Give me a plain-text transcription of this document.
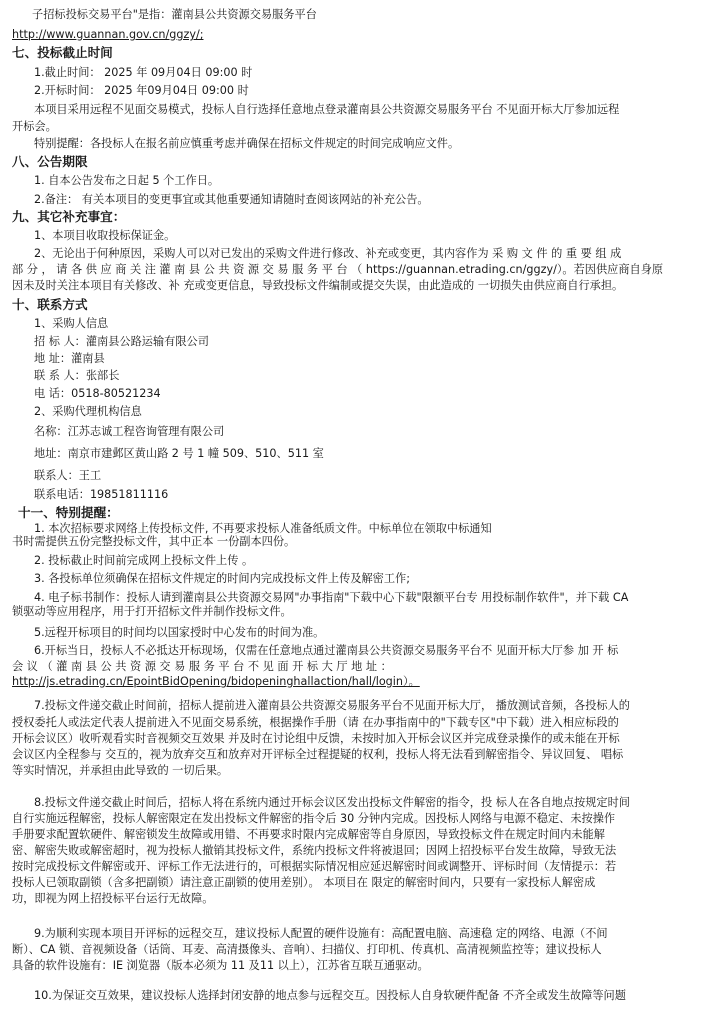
子招标投标交易平台"是指：灌南县公共资源交易服务平台
http://www.guannan.gov.cn/ggzy/;
七、投标截止时间
1.截止时间： 2025 年 09月04日 09:00 时
2.开标时间： 2025 年09月04日 09:00 时
本项目采用远程不见面交易模式，投标人自行选择任意地点登录灌南县公共资源交易服务平台 不见面开标大厅参加远程
开标会。
特别提醒：各投标人在报名前应慎重考虑并确保在招标文件规定的时间完成响应文件。
八、公告期限
1. 自本公告发布之日起 5 个工作日。
2.备注： 有关本项目的变更事宜或其他重要通知请随时查阅该网站的补充公告。
九、其它补充事宜：
1、本项目收取投标保证金。
2、无论出于何种原因，采购人可以对已发出的采购文件进行修改、补充或变更，其内容作为 采 购 文 件 的 重 要 组 成
部 分 ， 请 各 供 应 商 关 注 灌 南 县 公 共 资 源 交 易 服 务 平 台 （ https://guannan.etrading.cn/ggzy/）。若因供应商自身原
因未及时关注本项目有关修改、补 充或变更信息，导致投标文件编制或提交失误，由此造成的 一切损失由供应商自行承担。
十、联系方式
1、采购人信息
招 标 人：灌南县公路运输有限公司
地 址：灌南县
联 系 人：张部长
电 话：0518-80521234
2、采购代理机构信息
名称：江苏志诚工程咨询管理有限公司
地址：南京市建邺区黄山路 2 号 1 幢 509、510、511 室
联系人：王工
联系电话：19851811116
十一、特别提醒：
1. 本次招标要求网络上传投标文件, 不再要求投标人准备纸质文件。中标单位在领取中标通知
书时需提供五份完整投标文件，其中正本 一份副本四份。
2. 投标截止时间前完成网上投标文件上传 。
3. 各投标单位须确保在招标文件规定的时间内完成投标文件上传及解密工作;
4. 电子标书制作：投标人请到灌南县公共资源交易网"办事指南"下载中心下载"限额平台专 用投标制作软件"，并下载 CA
锁驱动等应用程序，用于打开招标文件并制作投标文件。
5.远程开标项目的时间均以国家授时中心发布的时间为准。
6.开标当日，投标人不必抵达开标现场，仅需在任意地点通过灌南县公共资源交易服务平台不 见面开标大厅参 加 开 标
会 议 （ 灌 南 县 公 共 资 源 交 易 服 务 平 台 不 见 面 开 标 大 厅 地 址 ：
http://js.etrading.cn/EpointBidOpening/bidopeninghallaction/hall/login）。
7.投标文件递交截止时间前，招标人提前进入灌南县公共资源交易服务平台不见面开标大厅， 播放测试音频，各投标人的
授权委托人或法定代表人提前进入不见面交易系统，根据操作手册（请 在办事指南中的"下载专区"中下载）进入相应标段的
开标会议区）收听观看实时音视频交互效果 并及时在讨论组中反馈，未按时加入开标会议区并完成登录操作的或未能在开标
会议区内全程参与 交互的，视为放弃交互和放弃对开评标全过程提疑的权利，投标人将无法看到解密指令、异议回复、 唱标
等实时情况，并承担由此导致的 一切后果。
8.投标文件递交截止时间后，招标人将在系统内通过开标会议区发出投标文件解密的指令，投 标人在各自地点按规定时间
自行实施远程解密，投标人解密限定在发出投标文件解密的指令后 30 分钟内完成。因投标人网络与电源不稳定、未按操作
手册要求配置软硬件、解密锁发生故障或用错、不再要求时限内完成解密等自身原因，导致投标文件在规定时间内未能解
密、解密失败或解密超时，视为投标人撤销其投标文件，系统内投标文件将被退回；因网上招投标平台发生故障，导致无法
按时完成投标文件解密或开、评标工作无法进行的，可根据实际情况相应延迟解密时间或调整开、评标时间（友情提示：若
投标人已领取副锁（含多把副锁）请注意正副锁的使用差别）。 本项目在 限定的解密时间内，只要有一家投标人解密成
功，即视为网上招投标平台运行无故障。
9.为顺利实现本项目开评标的远程交互，建议投标人配置的硬件设施有：高配置电脑、高速稳 定的网络、电源（不间
断）、CA 锁、音视频设备（话筒、耳麦、高清摄像头、音响）、扫描仪、打印机、传真机、高清视频监控等；建议投标人
具备的软件设施有：IE 浏览器（版本必须为 11 及11 以上），江苏省互联互通驱动。
10.为保证交互效果，建议投标人选择封闭安静的地点参与远程交互。因投标人自身软硬件配备 不齐全或发生故障等问题
